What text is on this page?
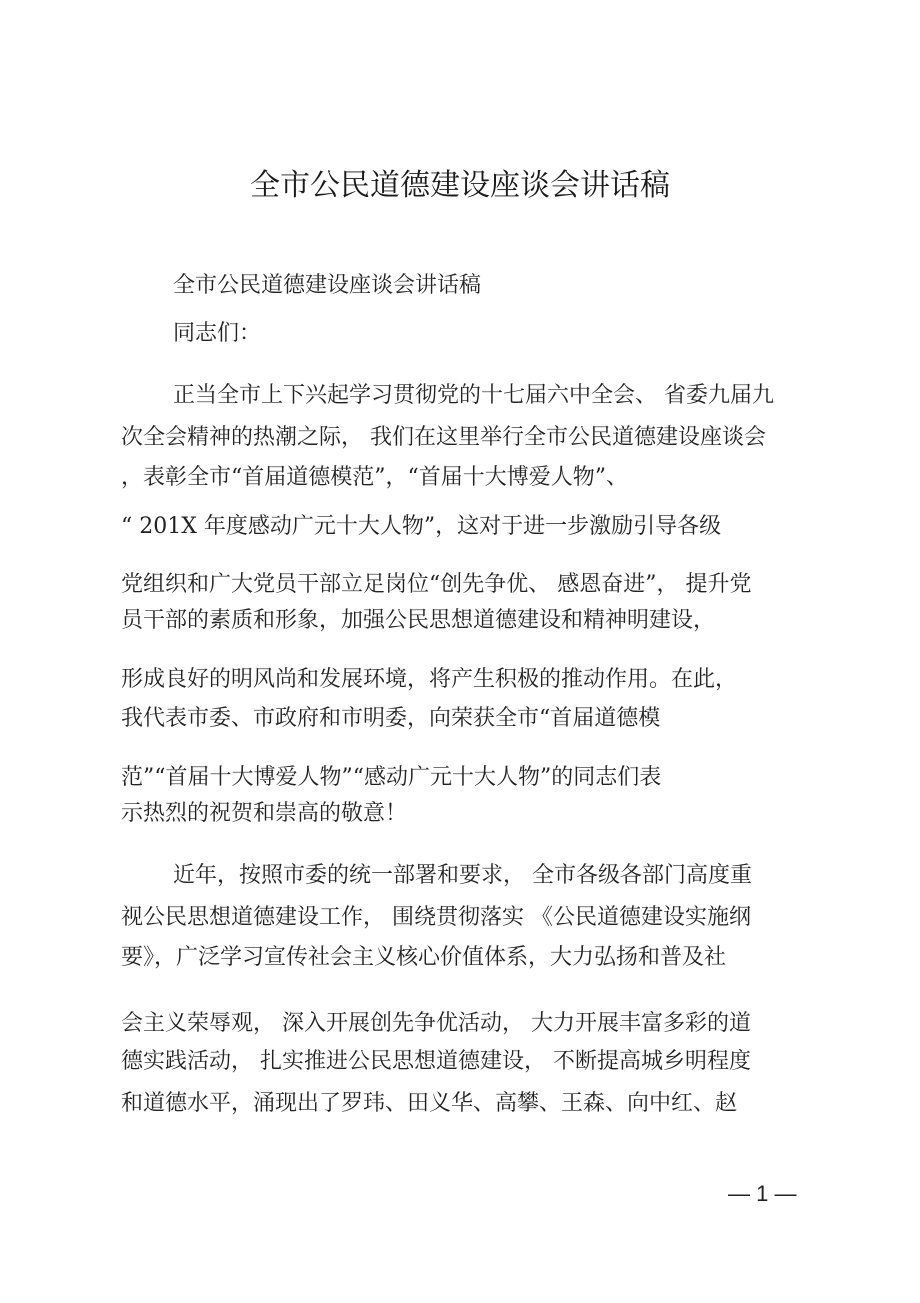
全市公民道德建设座谈会讲话稿
全市公民道德建设座谈会讲话稿
同志们：
正当全市上下兴起学习贯彻党的十七届六中全会、 省委九届九
次全会精神的热潮之际， 我们在这里举行全市公民道德建设座谈会
，表彰全市“首届道德模范”，“首届十大博爱人物”、
“ 201X 年度感动广元十大人物”，这对于进一步激励引导各级
党组织和广大党员干部立足岗位“创先争优、 感恩奋进”， 提升党
员干部的素质和形象，加强公民思想道德建设和精神明建设，
形成良好的明风尚和发展环境，将产生积极的推动作用。在此，
我代表市委、市政府和市明委，向荣获全市“首届道德模
范”“首届十大博爱人物”“感动广元十大人物”的同志们表
示热烈的祝贺和崇高的敬意！
近年，按照市委的统一部署和要求， 全市各级各部门高度重
视公民思想道德建设工作， 围绕贯彻落实 《公民道德建设实施纲
要》，广泛学习宣传社会主义核心价值体系，大力弘扬和普及社
会主义荣辱观， 深入开展创先争优活动， 大力开展丰富多彩的道
德实践活动， 扎实推进公民思想道德建设， 不断提高城乡明程度
和道德水平，涌现出了罗玮、田义华、高攀、王森、向中红、赵
— 1 —
